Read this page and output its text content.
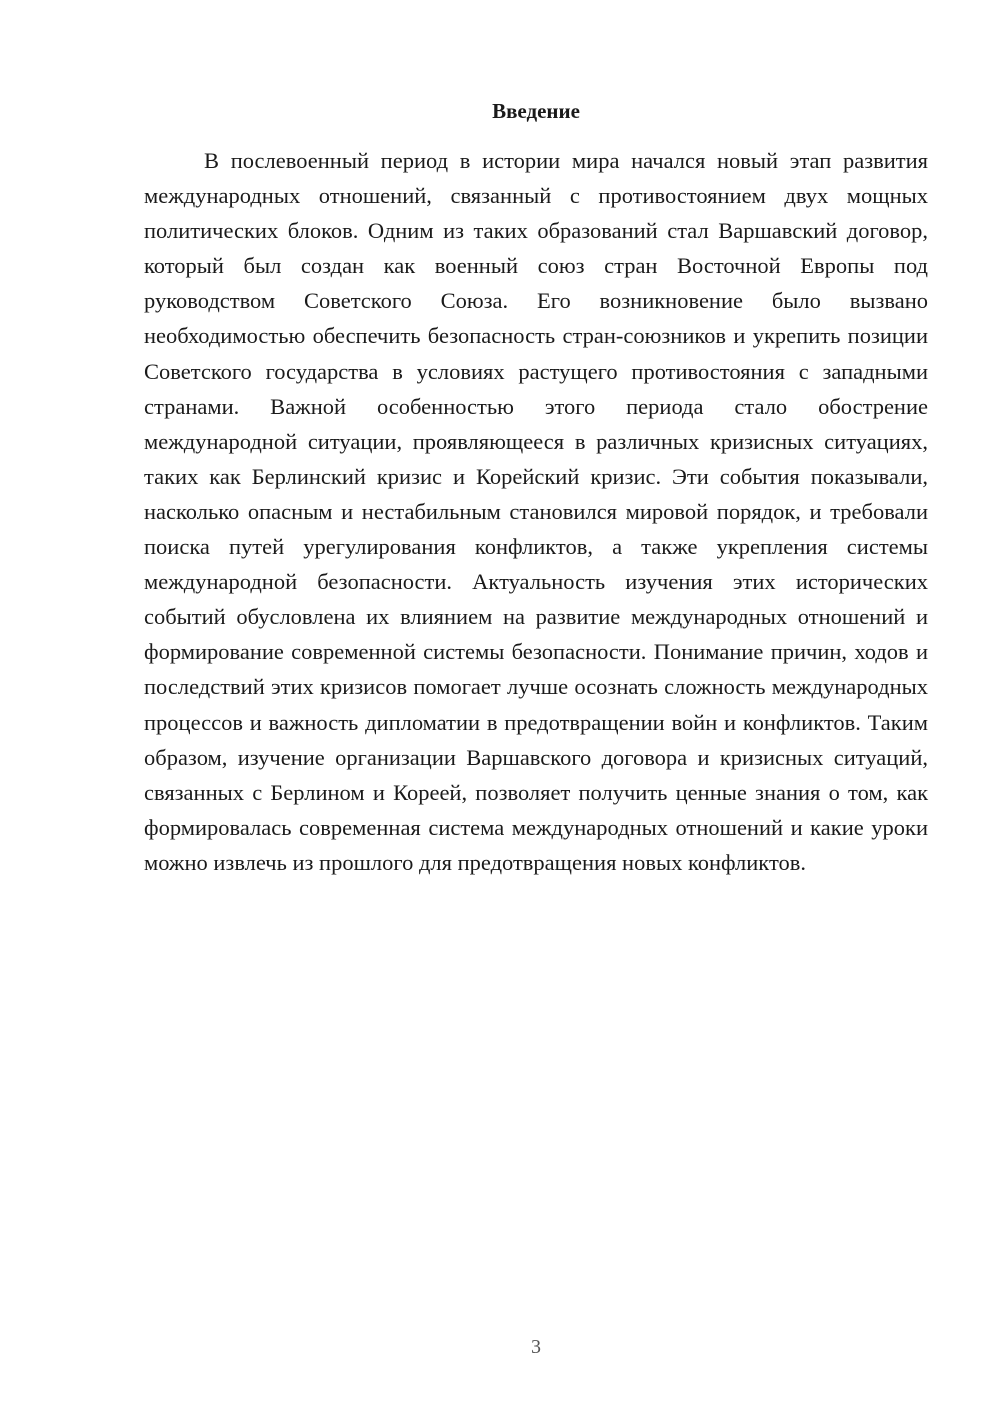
Введение

В послевоенный период в истории мира начался новый этап развития международных отношений, связанный с противостоянием двух мощных политических блоков. Одним из таких образований стал Варшавский договор, который был создан как военный союз стран Восточной Европы под руководством Советского Союза. Его возникновение было вызвано необходимостью обеспечить безопасность стран-союзников и укрепить позиции Советского государства в условиях растущего противостояния с западными странами. Важной особенностью этого периода стало обострение международной ситуации, проявляющееся в различных кризисных ситуациях, таких как Берлинский кризис и Корейский кризис. Эти события показывали, насколько опасным и нестабильным становился мировой порядок, и требовали поиска путей урегулирования конфликтов, а также укрепления системы международной безопасности. Актуальность изучения этих исторических событий обусловлена их влиянием на развитие международных отношений и формирование современной системы безопасности. Понимание причин, ходов и последствий этих кризисов помогает лучше осознать сложность международных процессов и важность дипломатии в предотвращении войн и конфликтов. Таким образом, изучение организации Варшавского договора и кризисных ситуаций, связанных с Берлином и Кореей, позволяет получить ценные знания о том, как формировалась современная система международных отношений и какие уроки можно извлечь из прошлого для предотвращения новых конфликтов.

3
